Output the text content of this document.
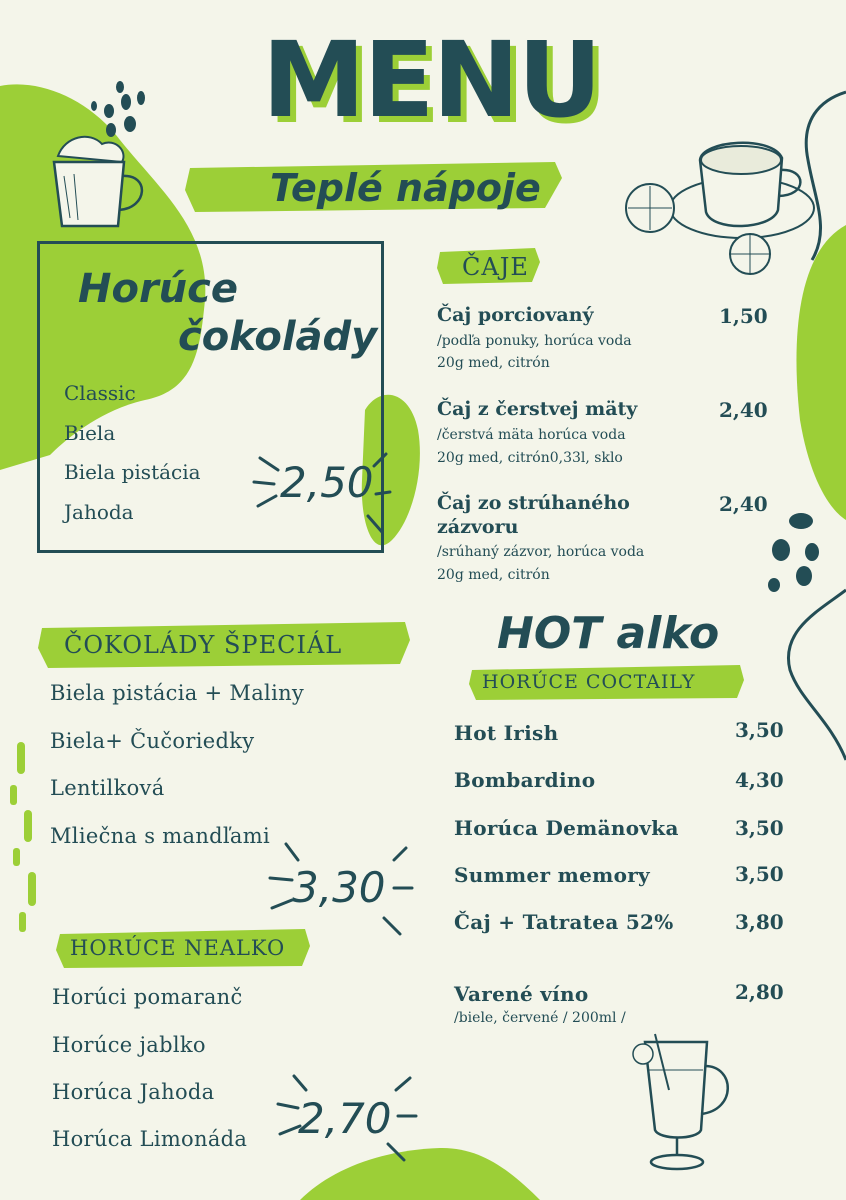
MENU
Teplé nápoje
Horúce
čokolády
Classic
Biela
Biela pistácia
Jahoda
2,50
ČAJE
Čaj porciovaný	1,50
/podľa ponuky, horúca voda
20g med, citrón
Čaj z čerstvej mäty	2,40
/čerstvá mäta horúca voda
20g med, citrón0,33l, sklo
Čaj zo strúhaného
zázvoru
2,40
/srúhaný zázvor, horúca voda
20g med, citrón
ČOKOLÁDY ŠPECIÁL
Biela pistácia + Maliny
Biela+ Čučoriedky
Lentilková
Mliečna s mandľami
3,30
HORÚCE NEALKO
Horúci pomaranč
Horúce jablko
Horúca Jahoda
Horúca Limonáda 2,70
HOT alko
HORÚCE COCTAILY
Hot Irish	3,50
Bombardino	4,30
Horúca Demänovka	3,50
Summer memory	3,50
Čaj + Tatratea 52%	3,80
Varené víno	2,80
/biele, červené / 200ml /
